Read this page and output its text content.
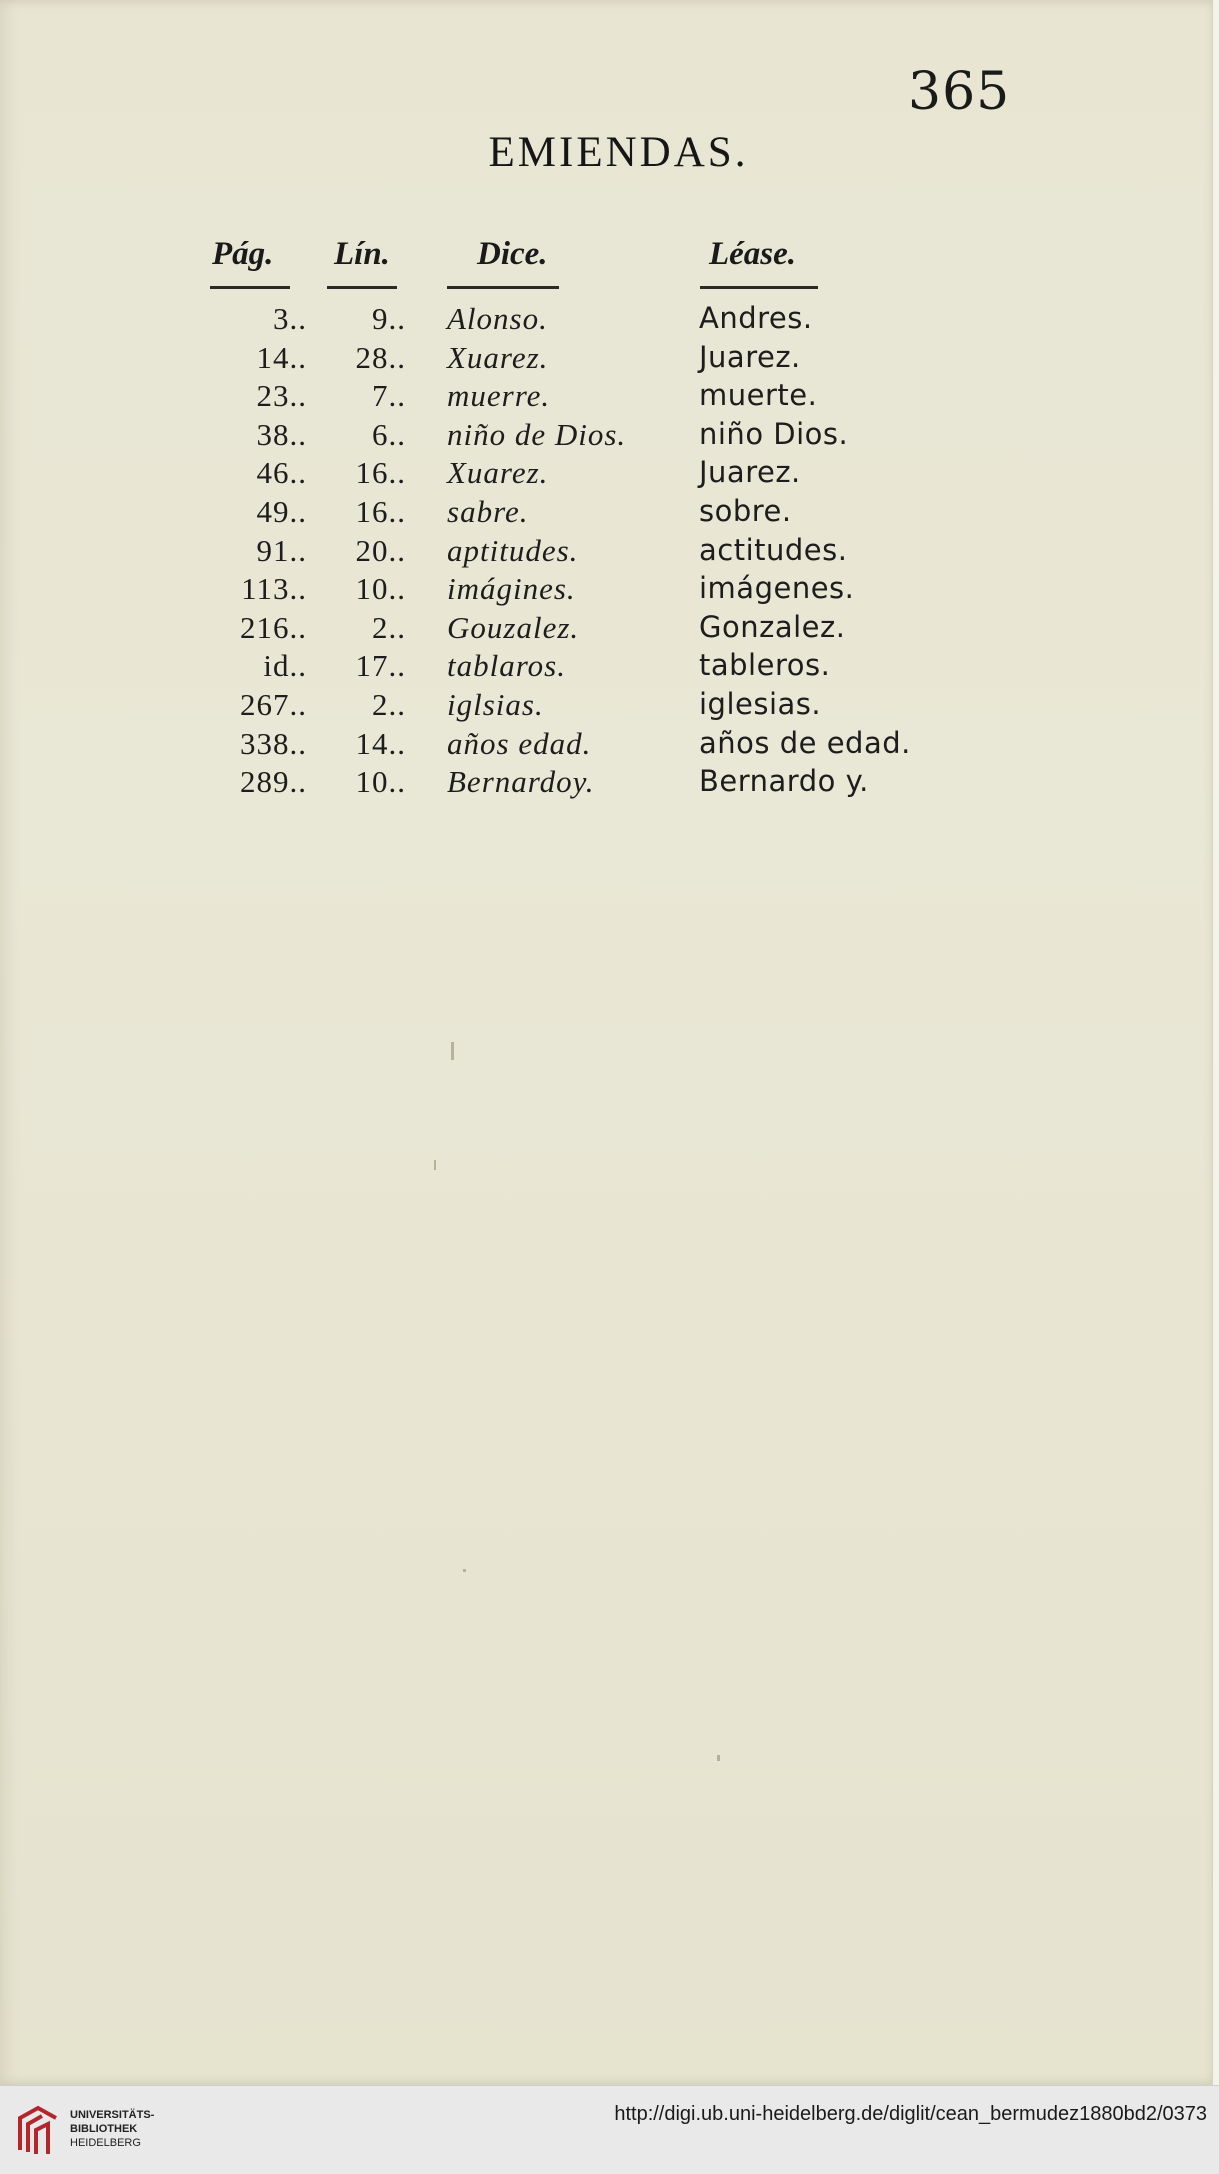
365
EMIENDAS.
Pág. Lín.	Dice.	Léase.
3.. 9.. Alonso.	Andres.
14.. 28.. Xuarez.	Juarez.
23.. 7.. muerre.	muerte.
38.. 6.. niño de Dios.	niño Dios.
46.. 16.. Xuarez.	Juarez.
49.. 16.. sabre.	sobre.
91.. 20.. aptitudes.	actitudes.
113.. 10.. imágines.	imágenes.
216.. 2.. Gouzalez.	Gonzalez.
id.. 17.. tablaros.	tableros.
267.. 2.. iglsias.	iglesias.
338.. 14.. años edad.	años de edad.
289.. 10.. Bernardoy.	Bernardo y.
UNIVERSITÄTS-
BIBLIOTHEK
HEIDELBERG
http://digi.ub.uni-heidelberg.de/diglit/cean_bermudez1880bd2/0373
